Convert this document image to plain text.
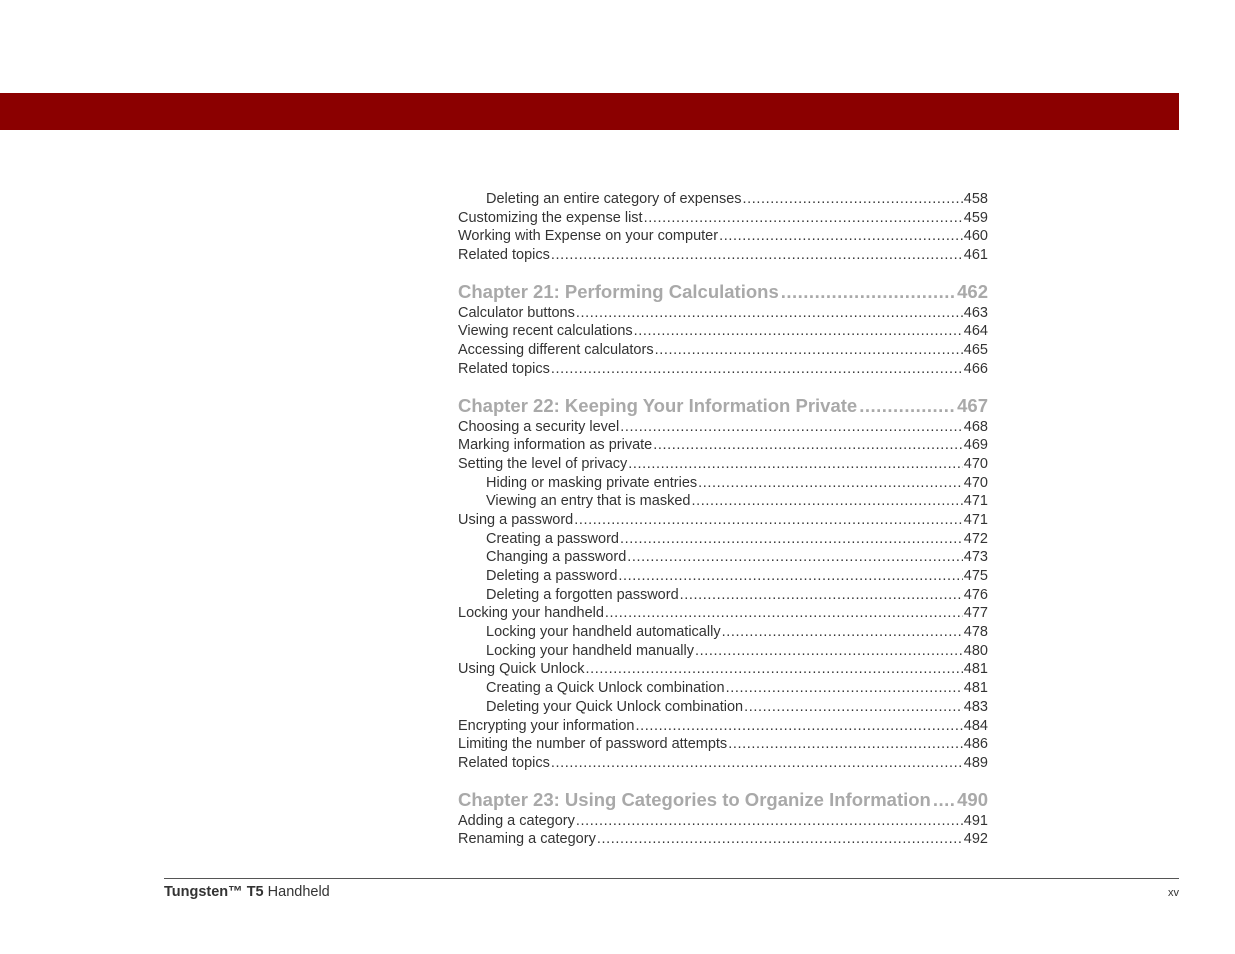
Deleting an entire category of expenses .....	458
Customizing the expense list .....	459
Working with Expense on your computer .....	460
Related topics .....	461
Chapter 21: Performing Calculations .....	462
Calculator buttons .....	463
Viewing recent calculations .....	464
Accessing different calculators .....	465
Related topics .....	466
Chapter 22: Keeping Your Information Private .....	467
Choosing a security level .....	468
Marking information as private .....	469
Setting the level of privacy .....	470
Hiding or masking private entries .....	470
Viewing an entry that is masked .....	471
Using a password .....	471
Creating a password .....	472
Changing a password .....	473
Deleting a password .....	475
Deleting a forgotten password .....	476
Locking your handheld .....	477
Locking your handheld automatically .....	478
Locking your handheld manually .....	480
Using Quick Unlock .....	481
Creating a Quick Unlock combination .....	481
Deleting your Quick Unlock combination .....	483
Encrypting your information .....	484
Limiting the number of password attempts .....	486
Related topics .....	489
Chapter 23: Using Categories to Organize Information ..... 490
Adding a category .....	491
Renaming a category .....	492
Tungsten™ T5 Handheld	xv
